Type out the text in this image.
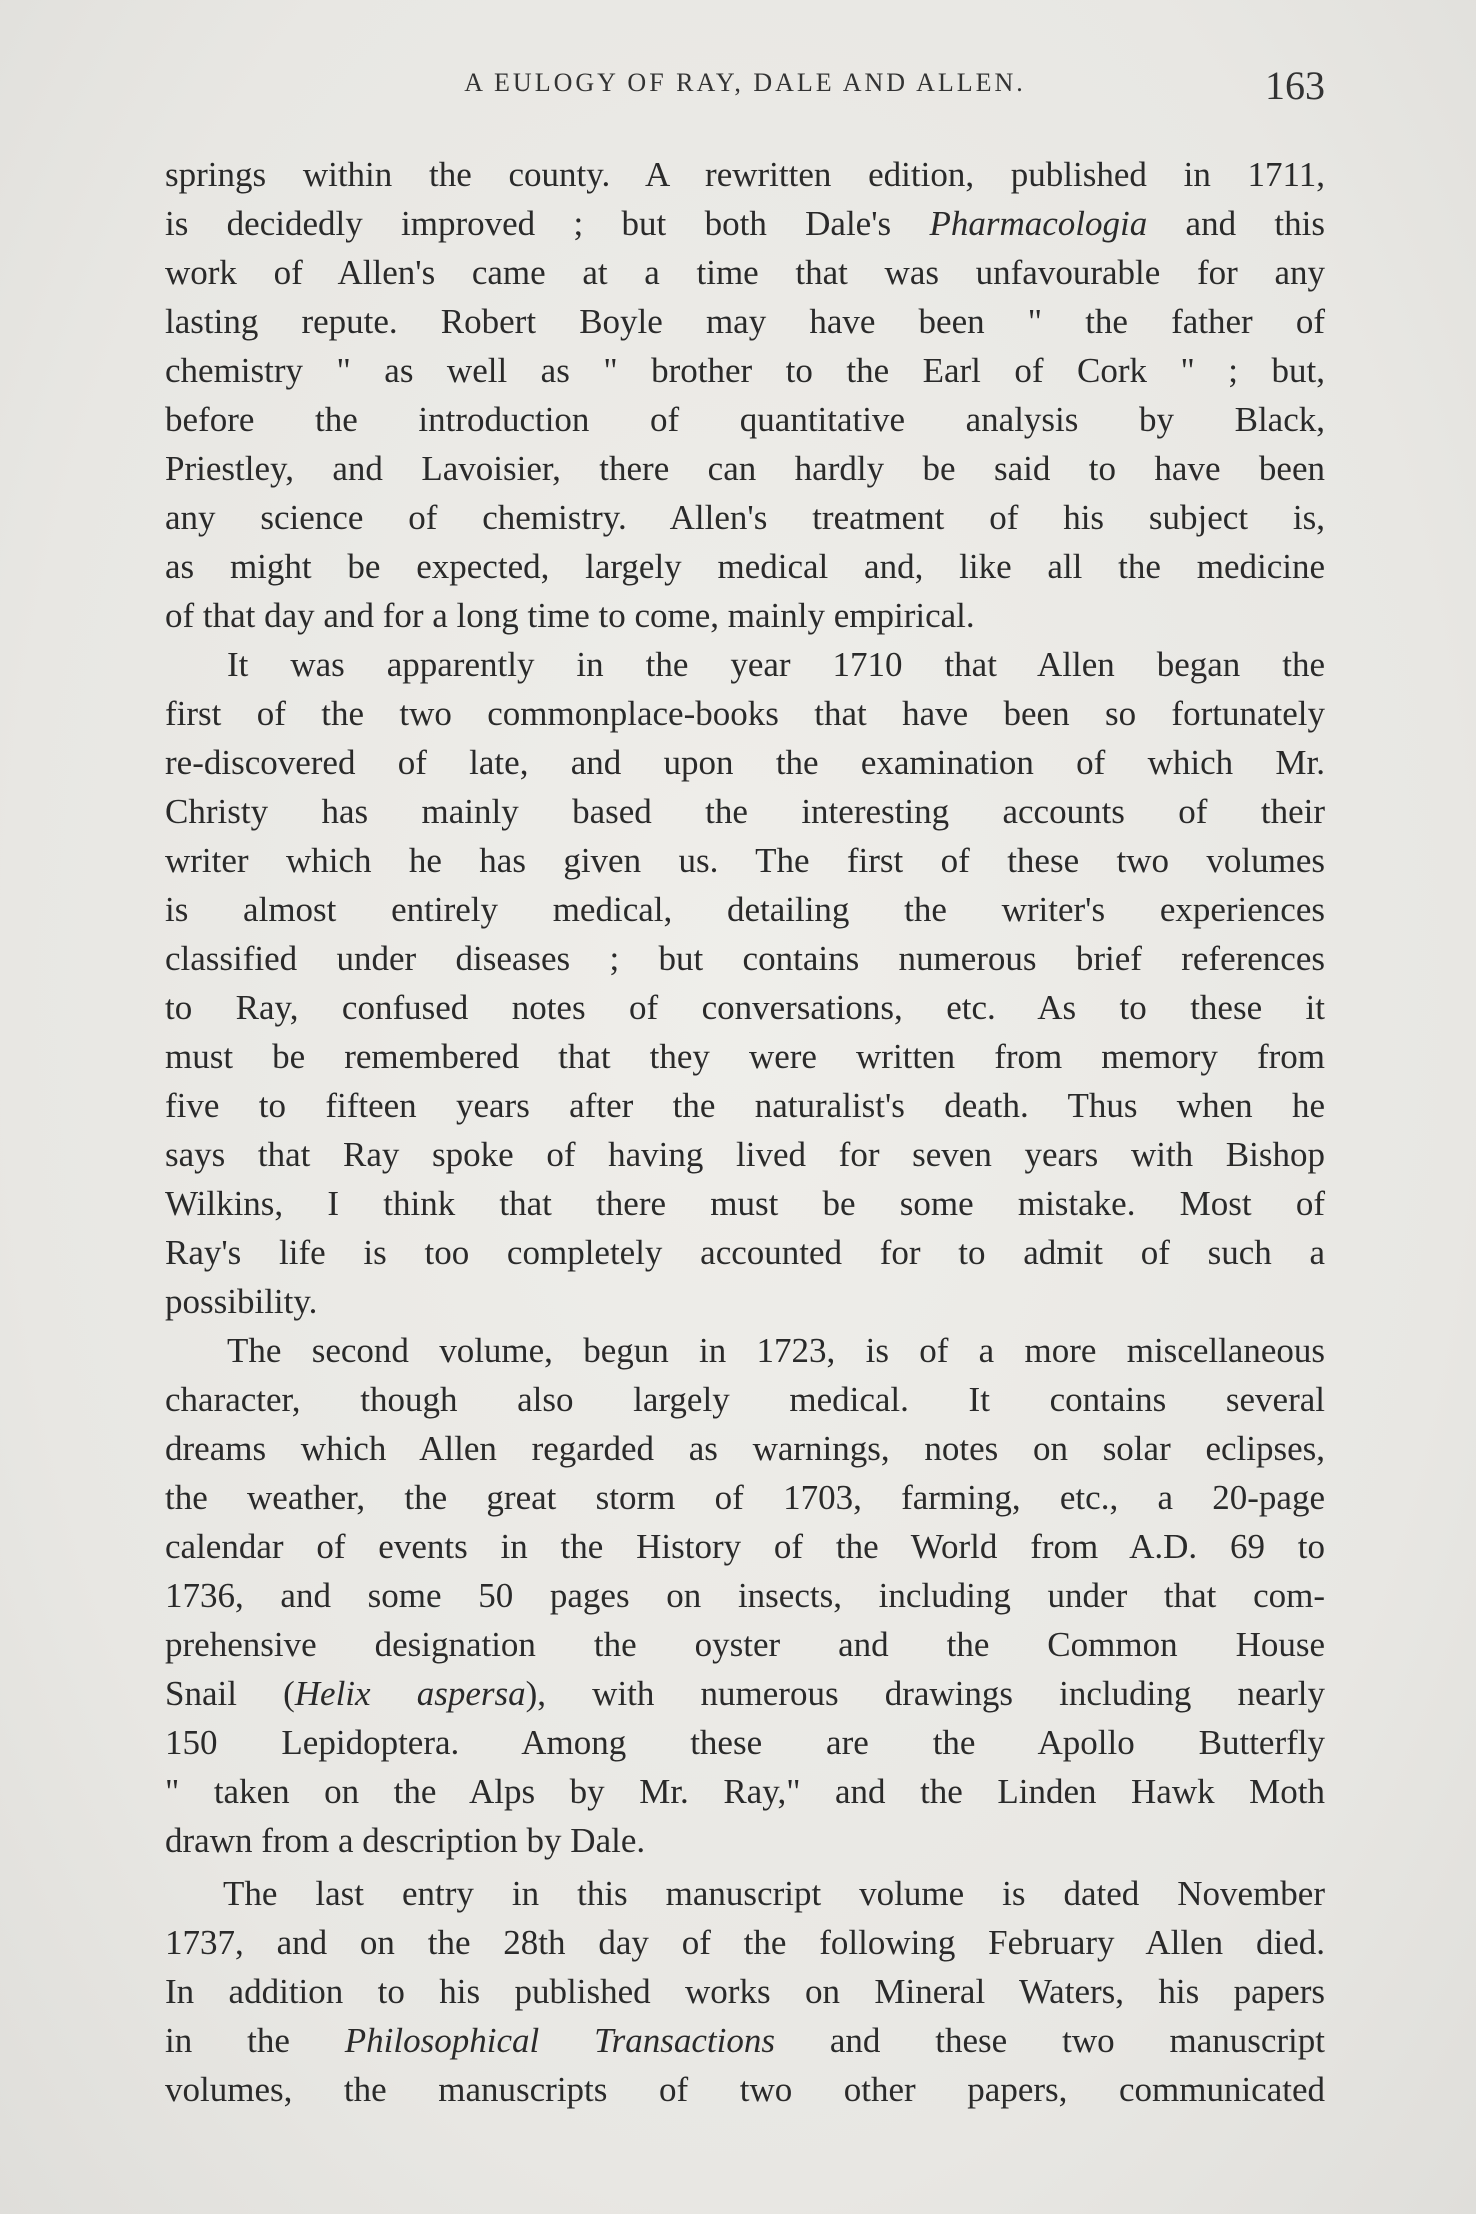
A EULOGY OF RAY, DALE AND ALLEN.	163
springs within the county. A rewritten edition, published in 1711,
is decidedly improved ; but both Dale's Pharmacologia and this
work of Allen's came at a time that was unfavourable for any
lasting repute. Robert Boyle may have been " the father of
chemistry " as well as " brother to the Earl of Cork " ; but,
before the introduction of quantitative analysis by Black,
Priestley, and Lavoisier, there can hardly be said to have been
any science of chemistry. Allen's treatment of his subject is,
as might be expected, largely medical and, like all the medicine
of that day and for a long time to come, mainly empirical.
It was apparently in the year 1710 that Allen began the
first of the two commonplace-books that have been so fortunately
re-discovered of late, and upon the examination of which Mr.
Christy has mainly based the interesting accounts of their
writer which he has given us. The first of these two volumes
is almost entirely medical, detailing the writer's experiences
classified under diseases ; but contains numerous brief references
to Ray, confused notes of conversations, etc. As to these it
must be remembered that they were written from memory from
five to fifteen years after the naturalist's death. Thus when he
says that Ray spoke of having lived for seven years with Bishop
Wilkins, I think that there must be some mistake. Most of
Ray's life is too completely accounted for to admit of such a
possibility.
The second volume, begun in 1723, is of a more miscellaneous
character, though also largely medical. It contains several
dreams which Allen regarded as warnings, notes on solar eclipses,
the weather, the great storm of 1703, farming, etc., a 20-page
calendar of events in the History of the World from A.D. 69 to
1736, and some 50 pages on insects, including under that com-
prehensive designation the oyster and the Common House
Snail (Helix aspersa), with numerous drawings including nearly
150 Lepidoptera. Among these are the Apollo Butterfly
" taken on the Alps by Mr. Ray," and the Linden Hawk Moth
drawn from a description by Dale.
The last entry in this manuscript volume is dated November
1737, and on the 28th day of the following February Allen died.
In addition to his published works on Mineral Waters, his papers
in the Philosophical Transactions and these two manuscript
volumes, the manuscripts of two other papers, communicated
